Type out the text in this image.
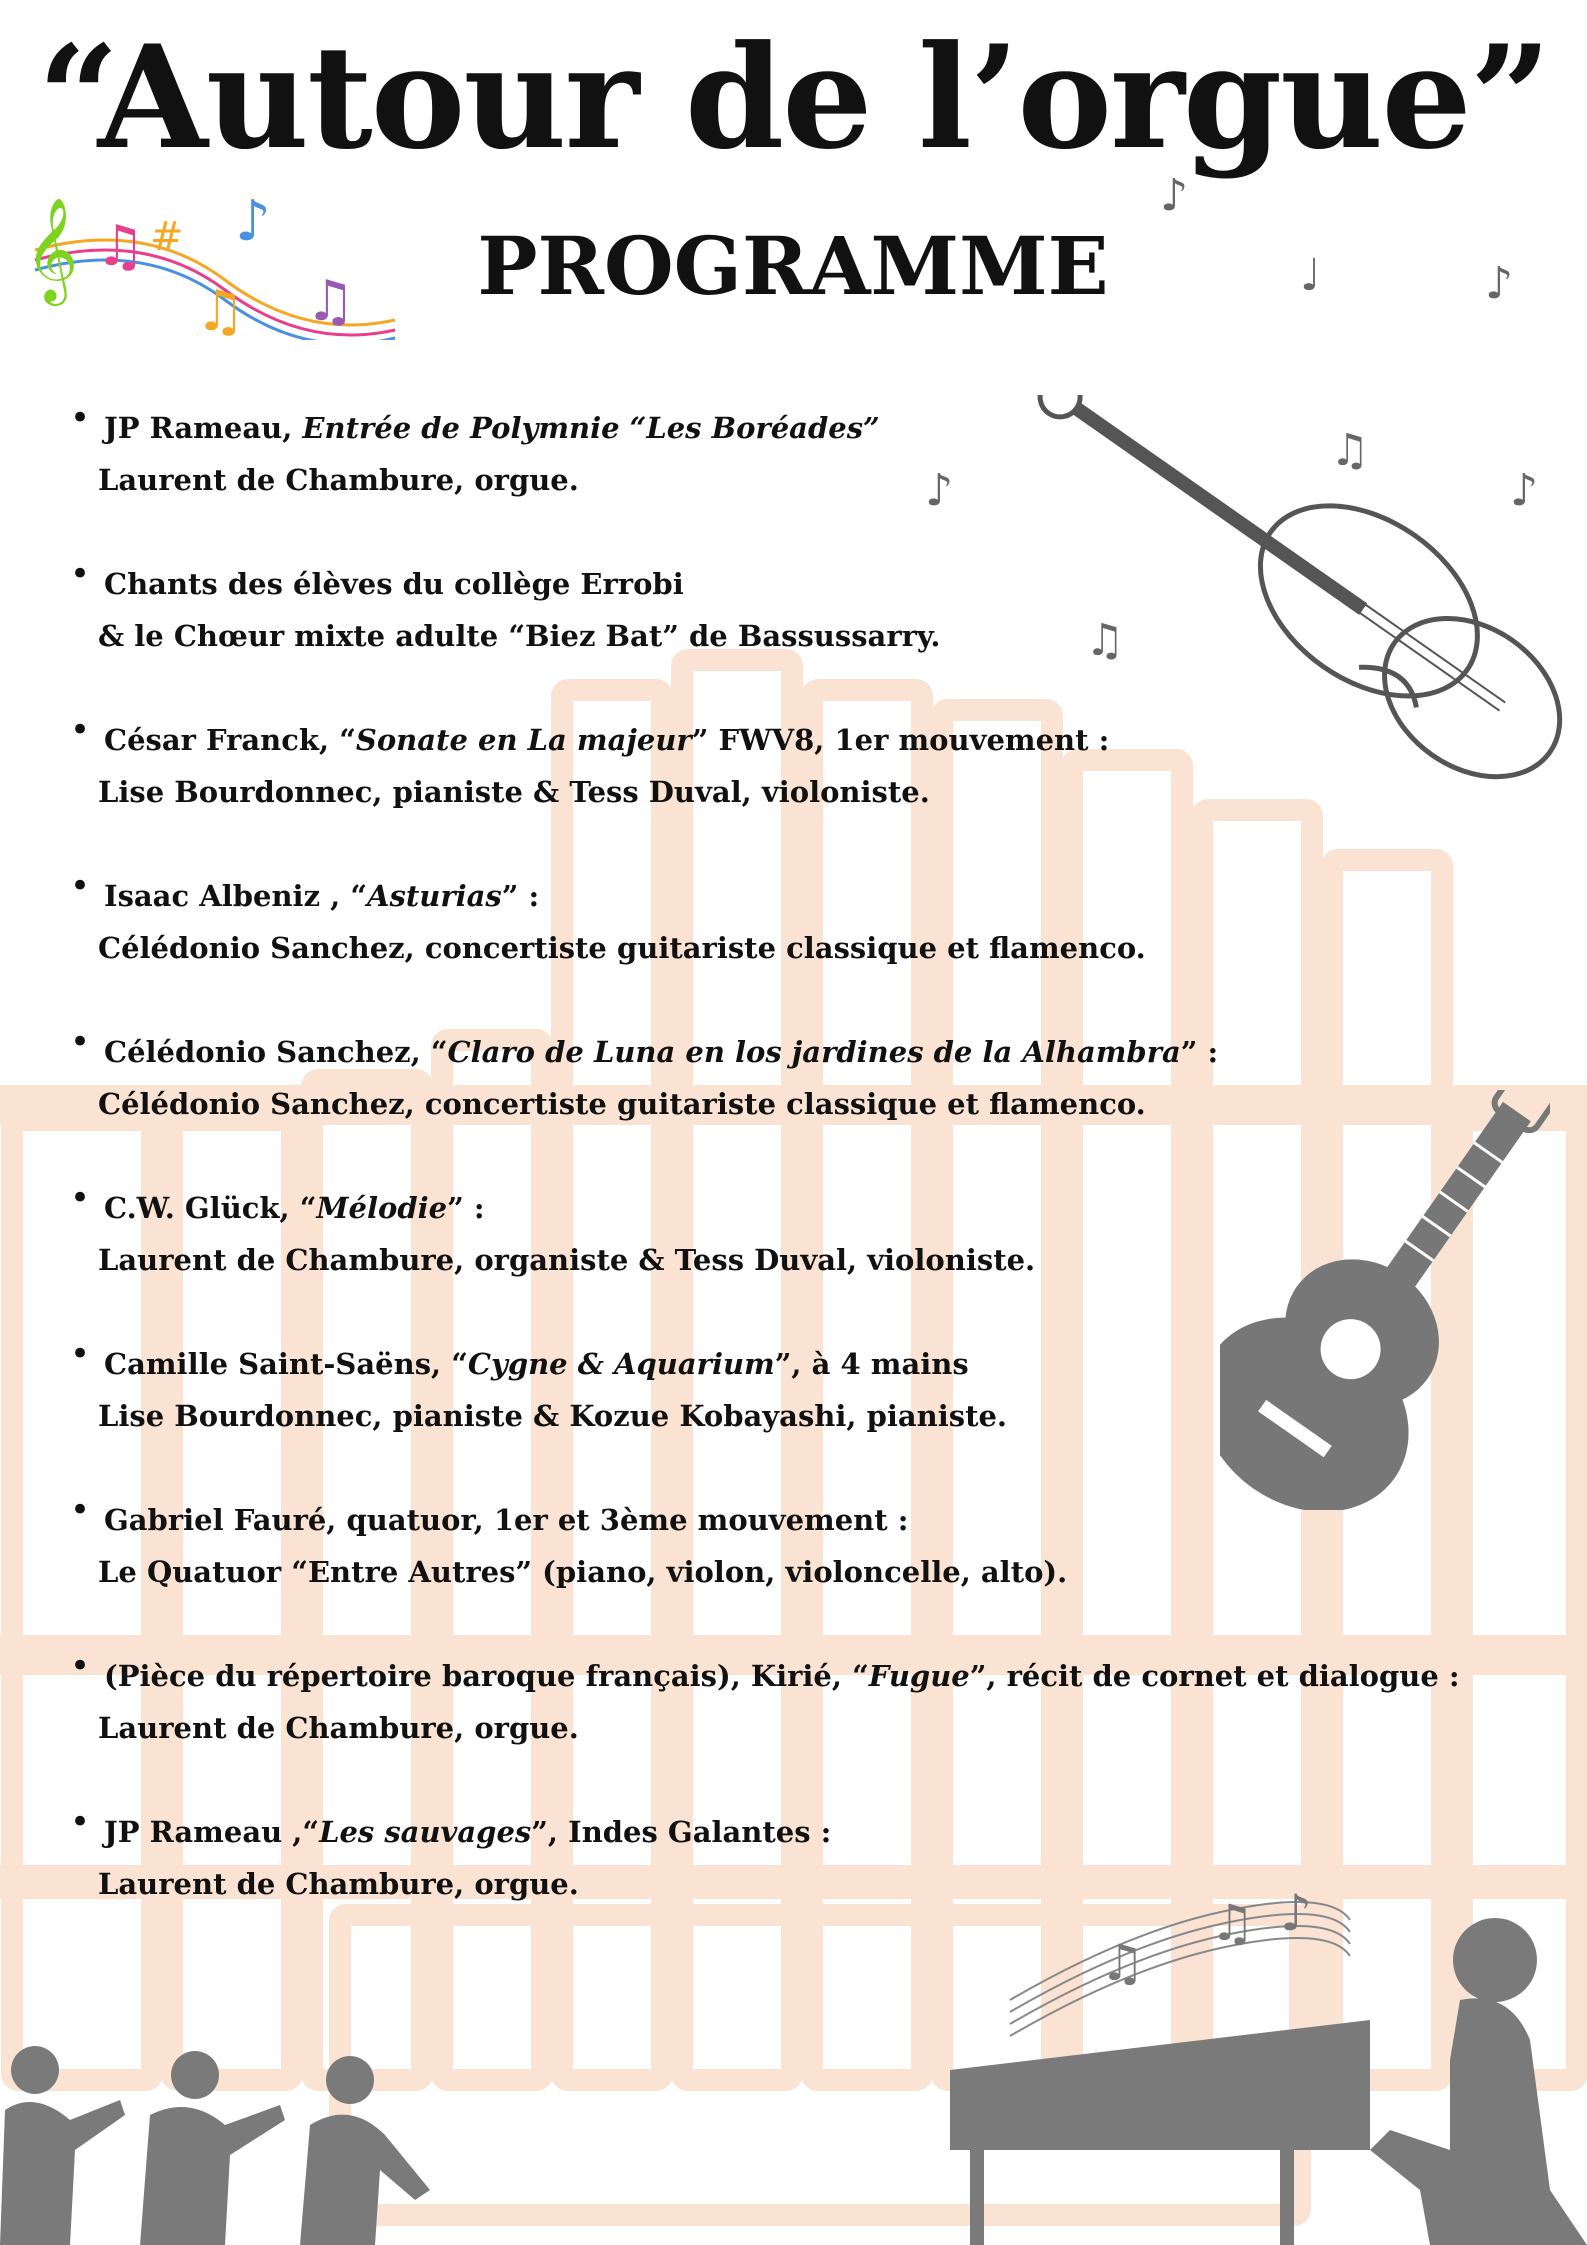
𝄞 ♫ # ♪
♫ ♫
♪
♩	♪
♪
♫
♪
♫
♫
♫ ♪
“Autour de l’orgue”
PROGRAMME
• JP Rameau, Entrée de Polymnie “Les Boréades”
Laurent de Chambure, orgue.
• Chants des élèves du collège Errobi
& le Chœur mixte adulte “Biez Bat” de Bassussarry.
• César Franck, “Sonate en La majeur” FWV8, 1er mouvement :
Lise Bourdonnec, pianiste & Tess Duval, violoniste.
• Isaac Albeniz , “Asturias” :
Célédonio Sanchez, concertiste guitariste classique et flamenco.
• Célédonio Sanchez, “Claro de Luna en los jardines de la Alhambra” :
Célédonio Sanchez, concertiste guitariste classique et flamenco.
• C.W. Glück, “Mélodie” :
Laurent de Chambure, organiste & Tess Duval, violoniste.
• Camille Saint-Saëns, “Cygne & Aquarium”, à 4 mains
Lise Bourdonnec, pianiste & Kozue Kobayashi, pianiste.
• Gabriel Fauré, quatuor, 1er et 3ème mouvement :
Le Quatuor “Entre Autres” (piano, violon, violoncelle, alto).
• (Pièce du répertoire baroque français), Kirié, “Fugue”, récit de cornet et dialogue :
Laurent de Chambure, orgue.
• JP Rameau ,“Les sauvages”, Indes Galantes :
Laurent de Chambure, orgue.
